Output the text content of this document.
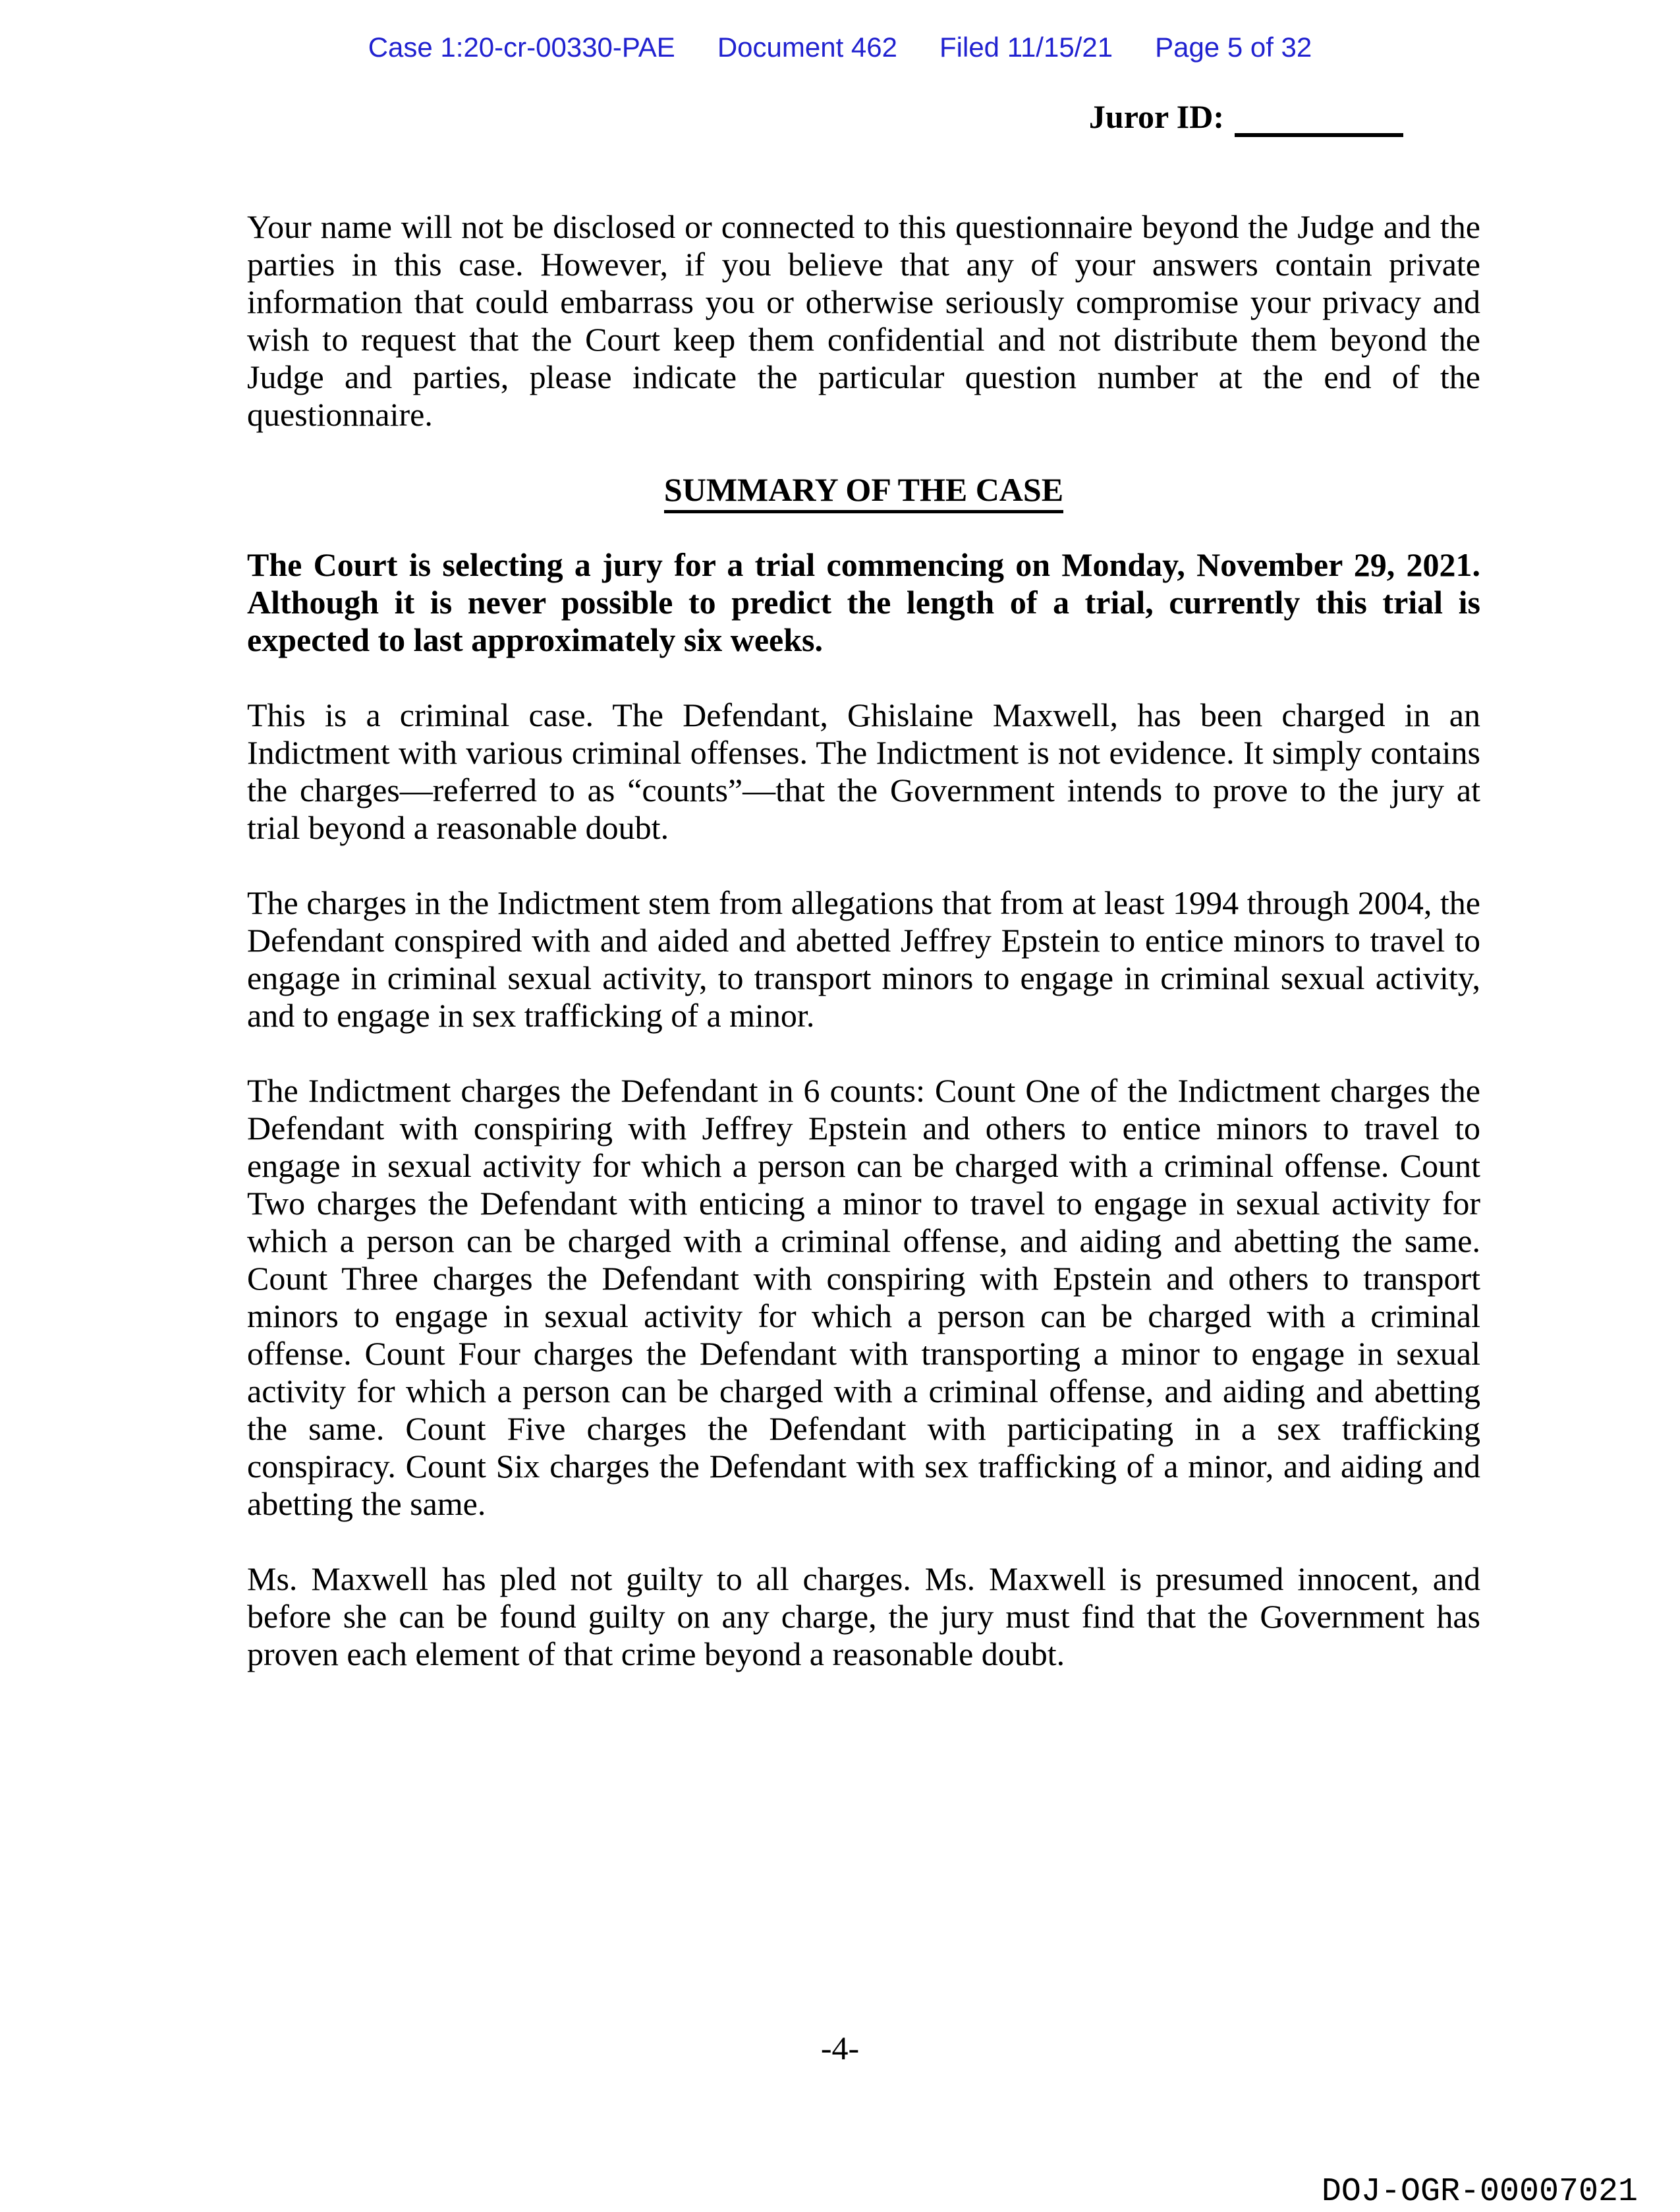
Case 1:20-cr-00330-PAE Document 462 Filed 11/15/21 Page 5 of 32
Juror ID:

Your name will not be disclosed or connected to this questionnaire beyond the Judge and the parties in this case. However, if you believe that any of your answers contain private information that could embarrass you or otherwise seriously compromise your privacy and wish to request that the Court keep them confidential and not distribute them beyond the Judge and parties, please indicate the particular question number at the end of the questionnaire.

SUMMARY OF THE CASE

The Court is selecting a jury for a trial commencing on Monday, November 29, 2021. Although it is never possible to predict the length of a trial, currently this trial is expected to last approximately six weeks.

This is a criminal case. The Defendant, Ghislaine Maxwell, has been charged in an Indictment with various criminal offenses. The Indictment is not evidence. It simply contains the charges—referred to as “counts”—that the Government intends to prove to the jury at trial beyond a reasonable doubt.

The charges in the Indictment stem from allegations that from at least 1994 through 2004, the Defendant conspired with and aided and abetted Jeffrey Epstein to entice minors to travel to engage in criminal sexual activity, to transport minors to engage in criminal sexual activity, and to engage in sex trafficking of a minor.

The Indictment charges the Defendant in 6 counts: Count One of the Indictment charges the Defendant with conspiring with Jeffrey Epstein and others to entice minors to travel to engage in sexual activity for which a person can be charged with a criminal offense. Count Two charges the Defendant with enticing a minor to travel to engage in sexual activity for which a person can be charged with a criminal offense, and aiding and abetting the same. Count Three charges the Defendant with conspiring with Epstein and others to transport minors to engage in sexual activity for which a person can be charged with a criminal offense. Count Four charges the Defendant with transporting a minor to engage in sexual activity for which a person can be charged with a criminal offense, and aiding and abetting the same. Count Five charges the Defendant with participating in a sex trafficking conspiracy. Count Six charges the Defendant with sex trafficking of a minor, and aiding and abetting the same.

Ms. Maxwell has pled not guilty to all charges. Ms. Maxwell is presumed innocent, and before she can be found guilty on any charge, the jury must find that the Government has proven each element of that crime beyond a reasonable doubt.

-4-
DOJ-OGR-00007021
